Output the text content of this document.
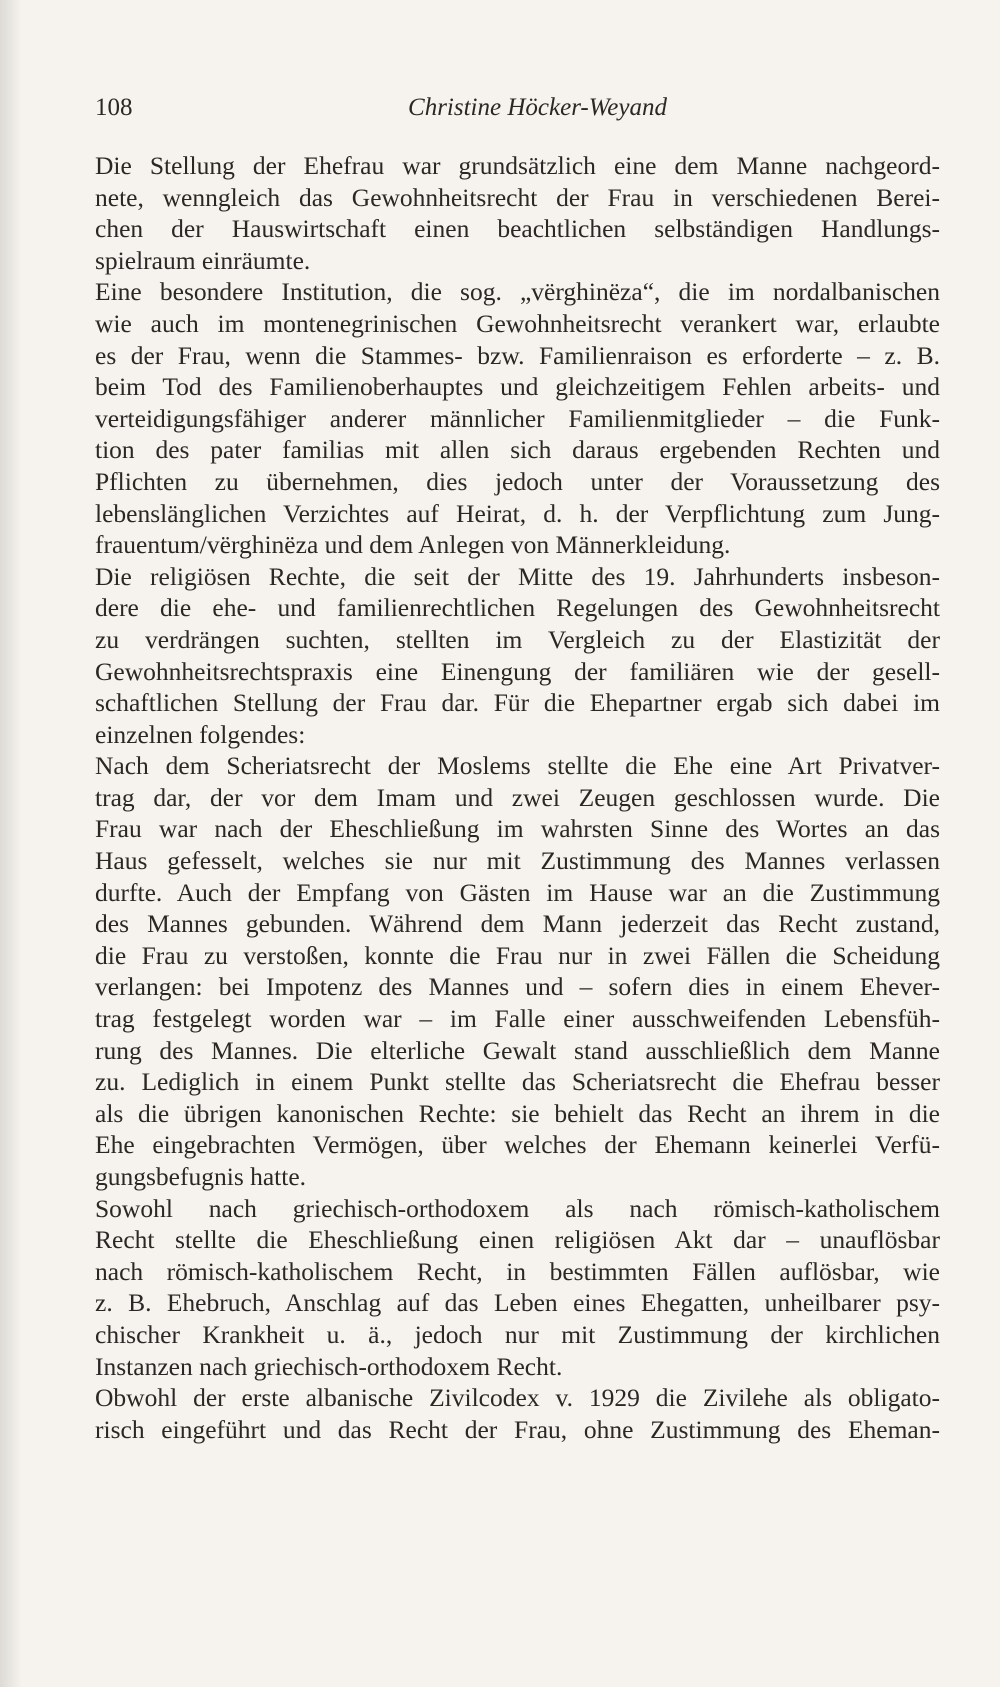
108	Christine Höcker-Weyand
Die Stellung der Ehefrau war grundsätzlich eine dem Manne nachgeord-
nete, wenngleich das Gewohnheitsrecht der Frau in verschiedenen Berei-
chen der Hauswirtschaft einen beachtlichen selbständigen Handlungs-
spielraum einräumte.
Eine besondere Institution, die sog. „vërghinëza“, die im nordalbanischen
wie auch im montenegrinischen Gewohnheitsrecht verankert war, erlaubte
es der Frau, wenn die Stammes- bzw. Familienraison es erforderte – z. B.
beim Tod des Familienoberhauptes und gleichzeitigem Fehlen arbeits- und
verteidigungsfähiger anderer männlicher Familienmitglieder – die Funk-
tion des pater familias mit allen sich daraus ergebenden Rechten und
Pflichten zu übernehmen, dies jedoch unter der Voraussetzung des
lebenslänglichen Verzichtes auf Heirat, d. h. der Verpflichtung zum Jung-
frauentum/vërghinëza und dem Anlegen von Männerkleidung.
Die religiösen Rechte, die seit der Mitte des 19. Jahrhunderts insbeson-
dere die ehe- und familienrechtlichen Regelungen des Gewohnheitsrecht
zu verdrängen suchten, stellten im Vergleich zu der Elastizität der
Gewohnheitsrechtspraxis eine Einengung der familiären wie der gesell-
schaftlichen Stellung der Frau dar. Für die Ehepartner ergab sich dabei im
einzelnen folgendes:
Nach dem Scheriatsrecht der Moslems stellte die Ehe eine Art Privatver-
trag dar, der vor dem Imam und zwei Zeugen geschlossen wurde. Die
Frau war nach der Eheschließung im wahrsten Sinne des Wortes an das
Haus gefesselt, welches sie nur mit Zustimmung des Mannes verlassen
durfte. Auch der Empfang von Gästen im Hause war an die Zustimmung
des Mannes gebunden. Während dem Mann jederzeit das Recht zustand,
die Frau zu verstoßen, konnte die Frau nur in zwei Fällen die Scheidung
verlangen: bei Impotenz des Mannes und – sofern dies in einem Ehever-
trag festgelegt worden war – im Falle einer ausschweifenden Lebensfüh-
rung des Mannes. Die elterliche Gewalt stand ausschließlich dem Manne
zu. Lediglich in einem Punkt stellte das Scheriatsrecht die Ehefrau besser
als die übrigen kanonischen Rechte: sie behielt das Recht an ihrem in die
Ehe eingebrachten Vermögen, über welches der Ehemann keinerlei Verfü-
gungsbefugnis hatte.
Sowohl nach griechisch-orthodoxem als nach römisch-katholischem
Recht stellte die Eheschließung einen religiösen Akt dar – unauflösbar
nach römisch-katholischem Recht, in bestimmten Fällen auflösbar, wie
z. B. Ehebruch, Anschlag auf das Leben eines Ehegatten, unheilbarer psy-
chischer Krankheit u. ä., jedoch nur mit Zustimmung der kirchlichen
Instanzen nach griechisch-orthodoxem Recht.
Obwohl der erste albanische Zivilcodex v. 1929 die Zivilehe als obligato-
risch eingeführt und das Recht der Frau, ohne Zustimmung des Eheman-
